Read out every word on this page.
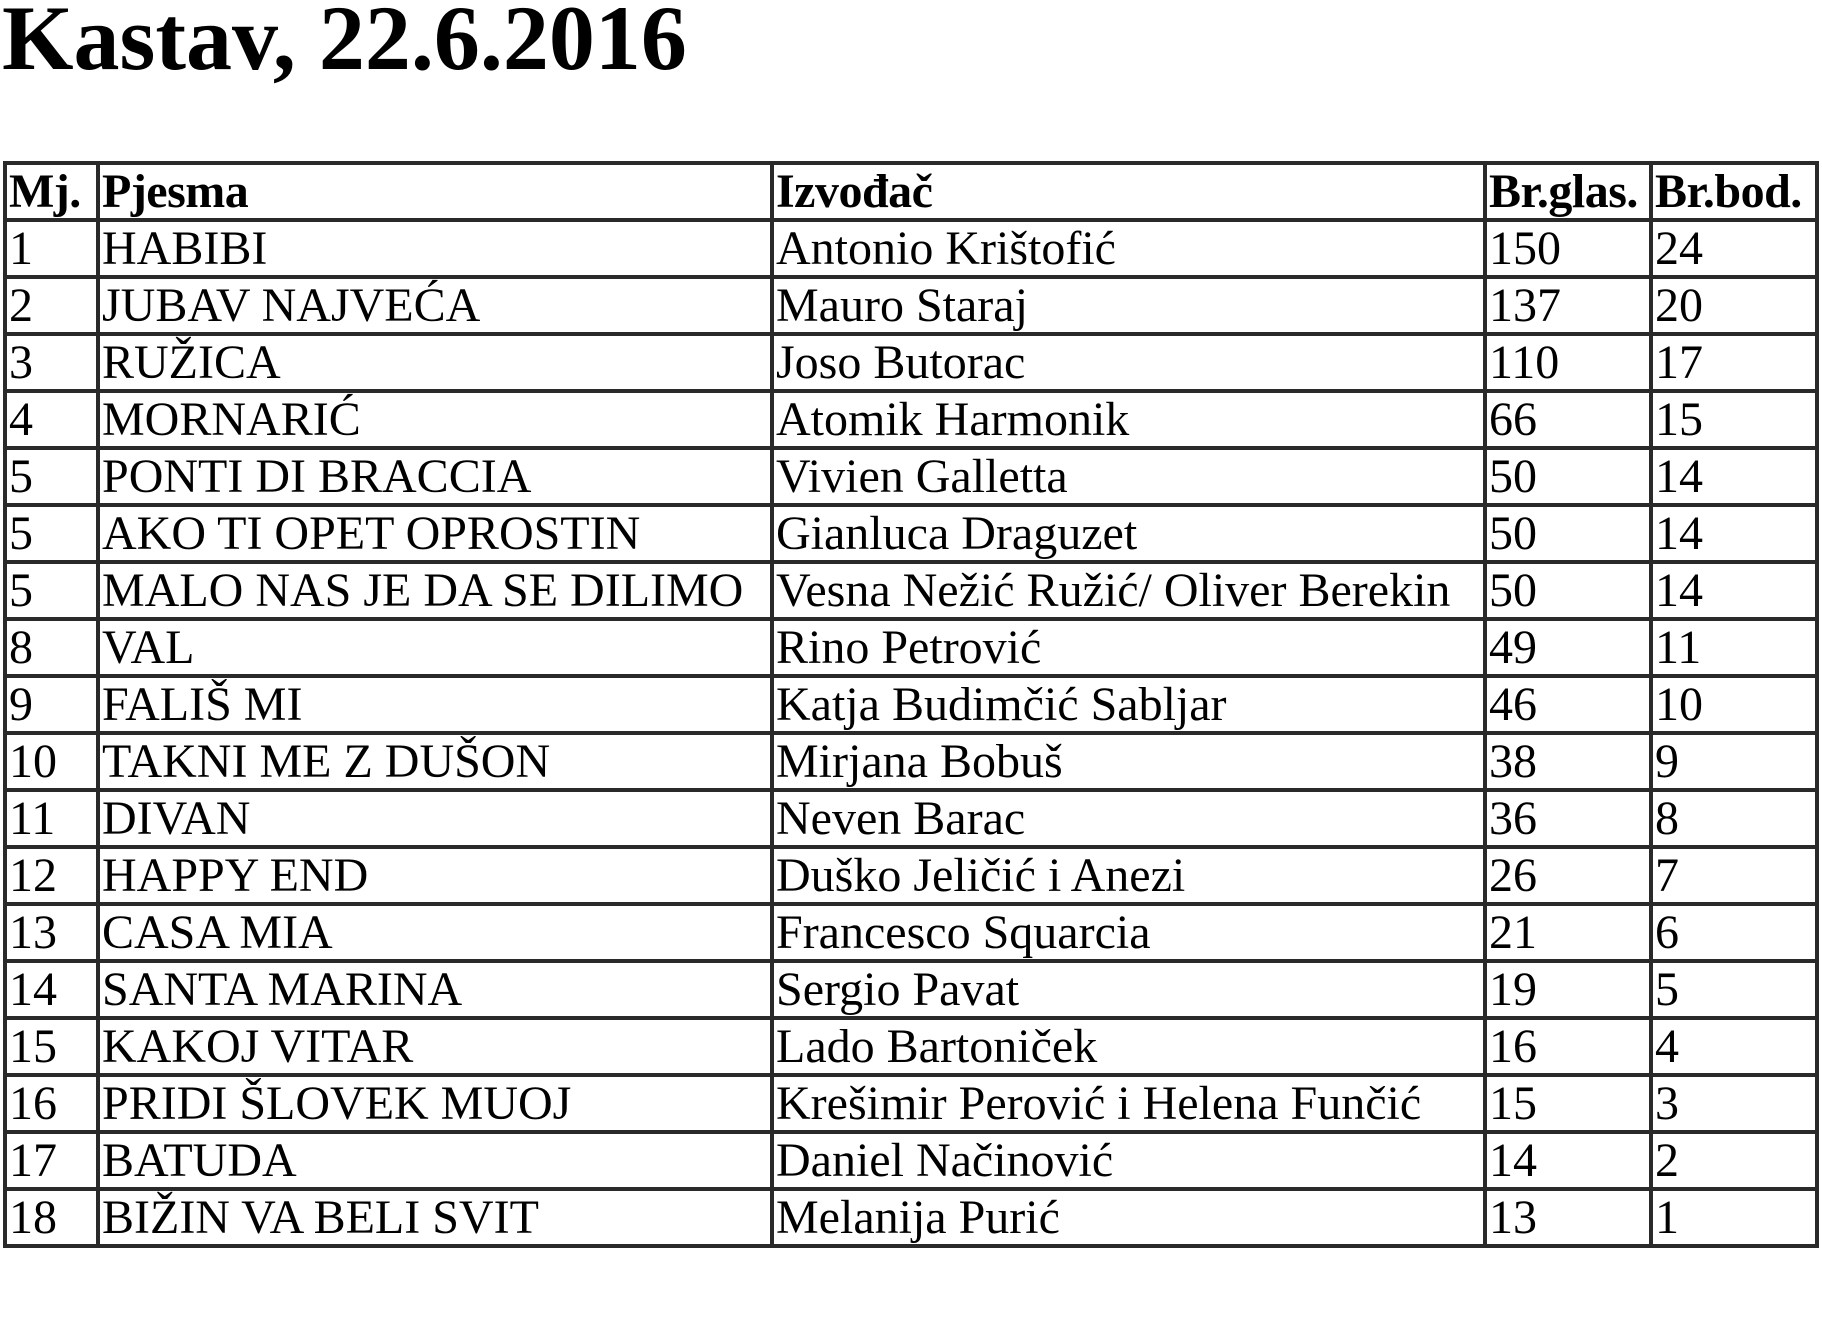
Kastav, 22.6.2016
Mj.	Pjesma	Izvođač	Br.glas.	Br.bod.
1	HABIBI	Antonio Krištofić	150	24
2	JUBAV NAJVEĆA	Mauro Staraj	137	20
3	RUŽICA	Joso Butorac	110	17
4	MORNARIĆ	Atomik Harmonik	66	15
5	PONTI DI BRACCIA	Vivien Galletta	50	14
5	AKO TI OPET OPROSTIN	Gianluca Draguzet	50	14
5	MALO NAS JE DA SE DILIMO	Vesna Nežić Ružić/ Oliver Berekin	50	14
8	VAL	Rino Petrović	49	11
9	FALIŠ MI	Katja Budimčić Sabljar	46	10
10	TAKNI ME Z DUŠON	Mirjana Bobuš	38	9
11	DIVAN	Neven Barac	36	8
12	HAPPY END	Duško Jeličić i Anezi	26	7
13	CASA MIA	Francesco Squarcia	21	6
14	SANTA MARINA	Sergio Pavat	19	5
15	KAKOJ VITAR	Lado Bartoniček	16	4
16	PRIDI ŠLOVEK MUOJ	Krešimir Perović i Helena Funčić	15	3
17	BATUDA	Daniel Načinović	14	2
18	BIŽIN VA BELI SVIT	Melanija Purić	13	1
